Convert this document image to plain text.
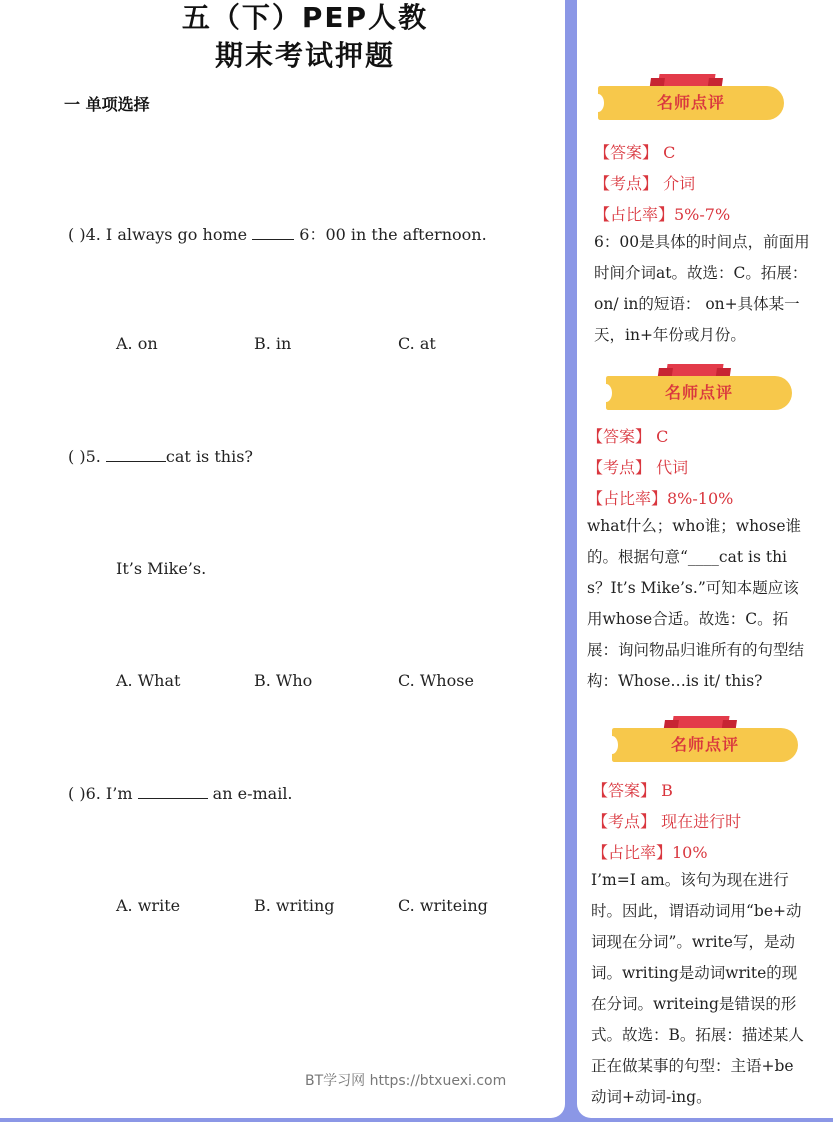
五（下）PEP人教
期末考试押题
一 单项选择
( )4. I always go home	6：00 in the afternoon.
A. on	B. in	C. at
( )5.	cat is this?
It’s Mike’s.
A. What	B. Who	C. Whose
( )6. I’m	an e-mail.
A. write	B. writing	C. writeing
BT学习网 https://btxuexi.com
名师点评
【答案】 C
【考点】 介词
【占比率】5%-7%
6：00是具体的时间点，前面用时间介词at。故选：C。拓展：on/ in的短语： on+具体某一天，in+年份或月份。
名师点评
【答案】 C
【考点】 代词
【占比率】8%-10%
what什么；who谁；whose谁的。根据句意“____cat is this？It’s Mike’s.”可知本题应该用whose合适。故选：C。拓展：询问物品归谁所有的句型结构：Whose…is it/ this?
名师点评
【答案】 B
【考点】 现在进行时
【占比率】10%
I’m=I am。该句为现在进行时。因此，谓语动词用“be+动词现在分词”。write写，是动词。writing是动词write的现在分词。writeing是错误的形式。故选：B。拓展：描述某人正在做某事的句型：主语+be动词+动词-ing。
